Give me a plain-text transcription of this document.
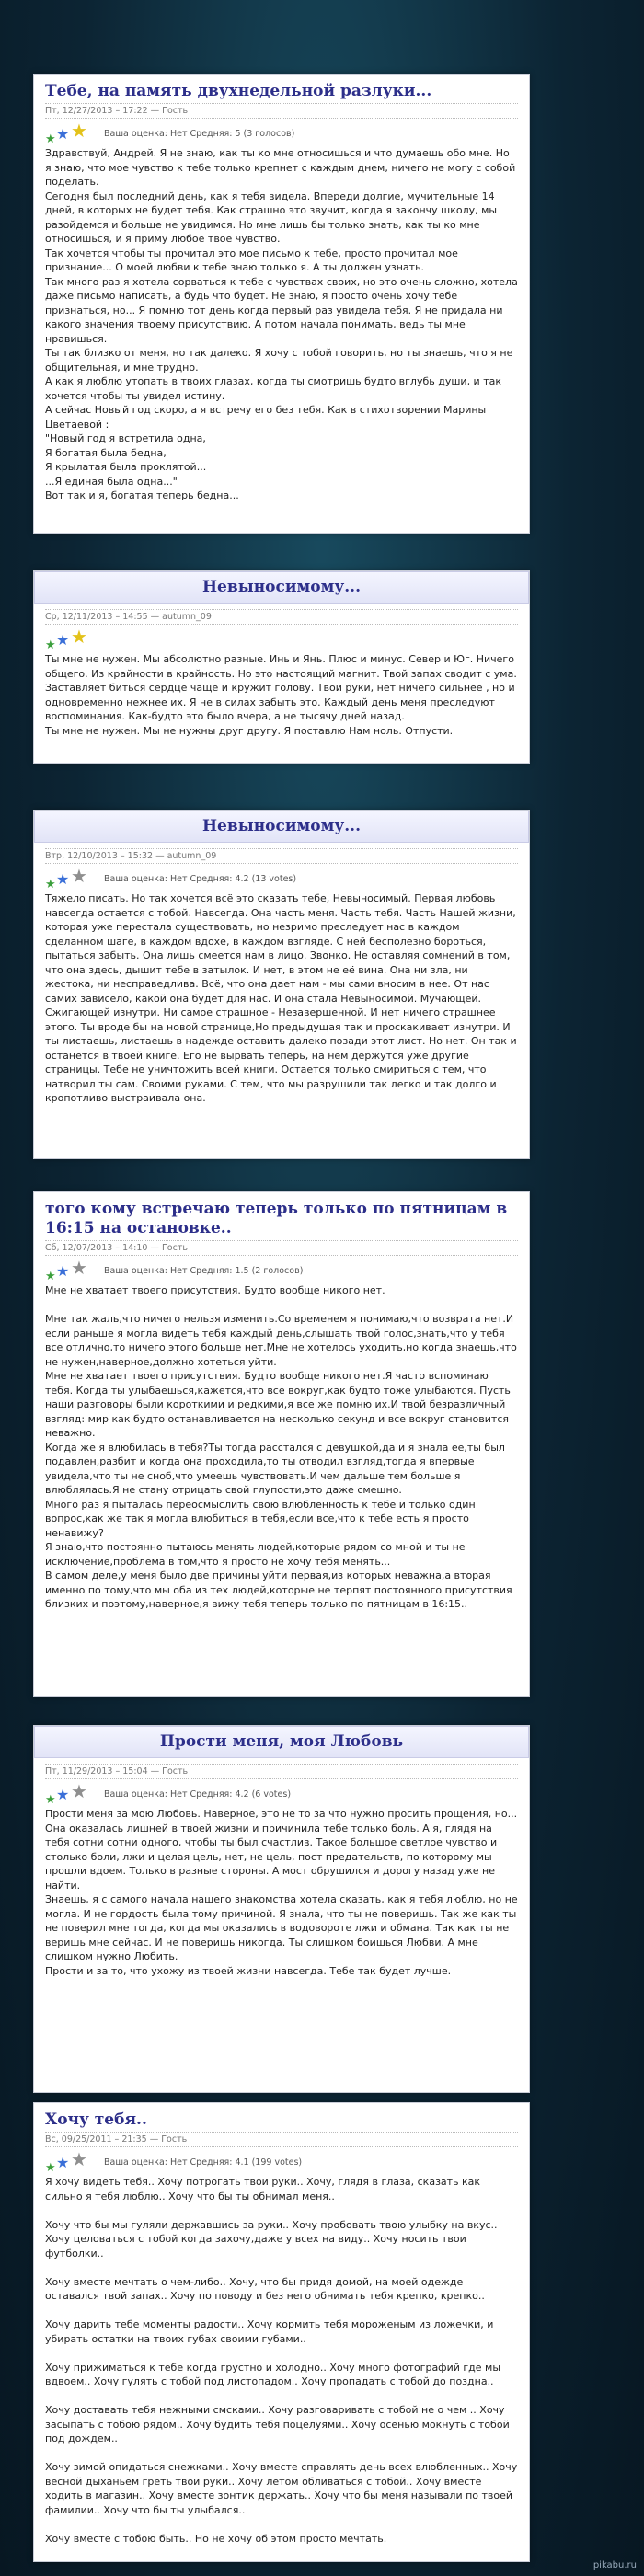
Тебе, на память двухнедельной разлуки...
Пт, 12/27/2013 – 17:22 — Гость
★ ★ ★ Ваша оценка: Нет Средняя: 5 (3 голосов)
Здравствуй, Андрей. Я не знаю, как ты ко мне относишься и что думаешь обо мне. Но я знаю, что мое чувство к тебе только крепнет с каждым днем, ничего не могу с собой поделать.
Сегодня был последний день, как я тебя видела. Впереди долгие, мучительные 14 дней, в которых не будет тебя. Как страшно это звучит, когда я закончу школу, мы разойдемся и больше не увидимся. Но мне лишь бы только знать, как ты ко мне относишься, и я приму любое твое чувство.
Так хочется чтобы ты прочитал это мое письмо к тебе, просто прочитал мое признание... О моей любви к тебе знаю только я. А ты должен узнать.
Так много раз я хотела сорваться к тебе с чувствах своих, но это очень сложно, хотела даже письмо написать, а будь что будет. Не знаю, я просто очень хочу тебе признаться, но... Я помню тот день когда первый раз увидела тебя. Я не придала ни какого значения твоему присутствию. А потом начала понимать, ведь ты мне нравишься.
Ты так близко от меня, но так далеко. Я хочу с тобой говорить, но ты знаешь, что я не общительная, и мне трудно.
А как я люблю утопать в твоих глазах, когда ты смотришь будто вглубь души, и так хочется чтобы ты увидел истину.
А сейчас Новый год скоро, а я встречу его без тебя. Как в стихотворении Марины Цветаевой :
"Новый год я встретила одна,
Я богатая была бедна,
Я крылатая была проклятой...
...Я единая была одна..."
Вот так и я, богатая теперь бедна...
Невыносимому...
Ср, 12/11/2013 – 14:55 — autumn_09
★ ★ ★
Ты мне не нужен. Мы абсолютно разные. Инь и Янь. Плюс и минус. Север и Юг. Ничего общего. Из крайности в крайность. Но это настоящий магнит. Твой запах сводит с ума.
Заставляет биться сердце чаще и кружит голову. Твои руки, нет ничего сильнее , но и одновременно нежнее их. Я не в силах забыть это. Каждый день меня преследуют воспоминания. Как-будто это было вчера, а не тысячу дней назад.
Ты мне не нужен. Мы не нужны друг другу. Я поставлю Нам ноль. Отпусти.
Невыносимому...
Втр, 12/10/2013 – 15:32 — autumn_09
★ ★ ★ Ваша оценка: Нет Средняя: 4.2 (13 votes)
Тяжело писать. Но так хочется всё это сказать тебе, Невыносимый. Первая любовь навсегда остается с тобой. Навсегда. Она часть меня. Часть тебя. Часть Нашей жизни, которая уже перестала существовать, но незримо преследует нас в каждом сделанном шаге, в каждом вдохе, в каждом взгляде. С ней бесполезно бороться, пытаться забыть. Она лишь смеется нам в лицо. Звонко. Не оставляя сомнений в том, что она здесь, дышит тебе в затылок. И нет, в этом не её вина. Она ни зла, ни жестока, ни несправедлива. Всё, что она дает нам - мы сами вносим в нее. От нас самих зависело, какой она будет для нас. И она стала Невыносимой. Мучающей. Сжигающей изнутри. Ни самое страшное - Незавершенной. И нет ничего страшнее этого. Ты вроде бы на новой странице,Но предыдущая так и проскакивает изнутри. И ты листаешь, листаешь в надежде оставить далеко позади этот лист. Но нет. Он так и останется в твоей книге. Его не вырвать теперь, на нем держутся уже другие страницы. Тебе не уничтожить всей книги. Остается только смириться с тем, что натворил ты сам. Своими руками. С тем, что мы разрушили так легко и так долго и кропотливо выстраивала она.
того кому встречаю теперь только по пятницам в 16:15 на остановке..
Сб, 12/07/2013 – 14:10 — Гость
★ ★ ★ Ваша оценка: Нет Средняя: 1.5 (2 голосов)
Мне не хватает твоего присутствия. Будто вообще никого нет.

Мне так жаль,что ничего нельзя изменить.Со временем я понимаю,что возврата нет.И если раньше я могла видеть тебя каждый день,слышать твой голос,знать,что у тебя все отлично,то ничего этого больше нет.Мне не хотелось уходить,но когда знаешь,что не нужен,наверное,должно хотеться уйти.
Мне не хватает твоего присутствия. Будто вообще никого нет.Я часто вспоминаю тебя. Когда ты улыбаешься,кажется,что все вокруг,как будто тоже улыбаются. Пусть наши разговоры были короткими и редкими,я все же помню их.И твой безразличный взгляд: мир как будто останавливается на несколько секунд и все вокруг становится неважно.
Когда же я влюбилась в тебя?Ты тогда расстался с девушкой,да и я знала ее,ты был подавлен,разбит и когда она проходила,то ты отводил взгляд,тогда я впервые увидела,что ты не сноб,что умеешь чувствовать.И чем дальше тем больше я влюблялась.Я не стану отрицать свой глупости,это даже смешно.
Много раз я пыталась переосмыслить свою влюбленность к тебе и только один вопрос,как же так я могла влюбиться в тебя,если все,что к тебе есть я просто ненавижу?
Я знаю,что постоянно пытаюсь менять людей,которые рядом со мной и ты не исключение,проблема в том,что я просто не хочу тебя менять...
В самом деле,у меня было две причины уйти первая,из которых неважна,а вторая именно по тому,что мы оба из тех людей,которые не терпят постоянного присутствия близких и поэтому,наверное,я вижу тебя теперь только по пятницам в 16:15..
Прости меня, моя Любовь
Пт, 11/29/2013 – 15:04 — Гость
★ ★ ★ Ваша оценка: Нет Средняя: 4.2 (6 votes)
Прости меня за мою Любовь. Наверное, это не то за что нужно просить прощения, но... Она оказалась лишней в твоей жизни и причинила тебе только боль. А я, глядя на тебя сотни сотни одного, чтобы ты был счастлив. Такое большое светлое чувство и столько боли, лжи и целая цель, нет, не цель, пост предательств, по которому мы прошли вдоем. Только в разные стороны. А мост обрушился и дорогу назад уже не найти.
Знаешь, я с самого начала нашего знакомства хотела сказать, как я тебя люблю, но не могла. И не гордость была тому причиной. Я знала, что ты не поверишь. Так же как ты не поверил мне тогда, когда мы оказались в водовороте лжи и обмана. Так как ты не веришь мне сейчас. И не поверишь никогда. Ты слишком боишься Любви. А мне слишком нужно Любить.
Прости и за то, что ухожу из твоей жизни навсегда. Тебе так будет лучше.
Хочу тебя..
Вс, 09/25/2011 – 21:35 — Гость
★ ★ ★ Ваша оценка: Нет Средняя: 4.1 (199 votes)
Я хочу видеть тебя.. Хочу потрогать твои руки.. Хочу, глядя в глаза, сказать как сильно я тебя люблю.. Хочу что бы ты обнимал меня..

Хочу что бы мы гуляли державшись за руки.. Хочу пробовать твою улыбку на вкус.. Хочу целоваться с тобой когда захочу,даже у всех на виду.. Хочу носить твои футболки..

Хочу вместе мечтать о чем-либо.. Хочу, что бы придя домой, на моей одежде оставался твой запах.. Хочу по поводу и без него обнимать тебя крепко, крепко..

Хочу дарить тебе моменты радости.. Хочу кормить тебя мороженым из ложечки, и убирать остатки на твоих губах своими губами..

Хочу прижиматься к тебе когда грустно и холодно.. Хочу много фотографий где мы вдвоем.. Хочу гулять с тобой под листопадом.. Хочу пропадать с тобой до поздна..

Хочу доставать тебя нежными смсками.. Хочу разговаривать с тобой не о чем .. Хочу засыпать с тобою рядом.. Хочу будить тебя поцелуями.. Хочу осенью мокнуть с тобой под дождем..

Хочу зимой опидаться снежками.. Хочу вместе справлять день всех влюбленных.. Хочу весной дыханьем греть твои руки.. Хочу летом обливаться с тобой.. Хочу вместе ходить в магазин.. Хочу вместе зонтик держать.. Хочу что бы меня называли по твоей фамилии.. Хочу что бы ты улыбался..

Хочу вместе с тобою быть.. Но не хочу об этом просто мечтать.
pikabu.ru
